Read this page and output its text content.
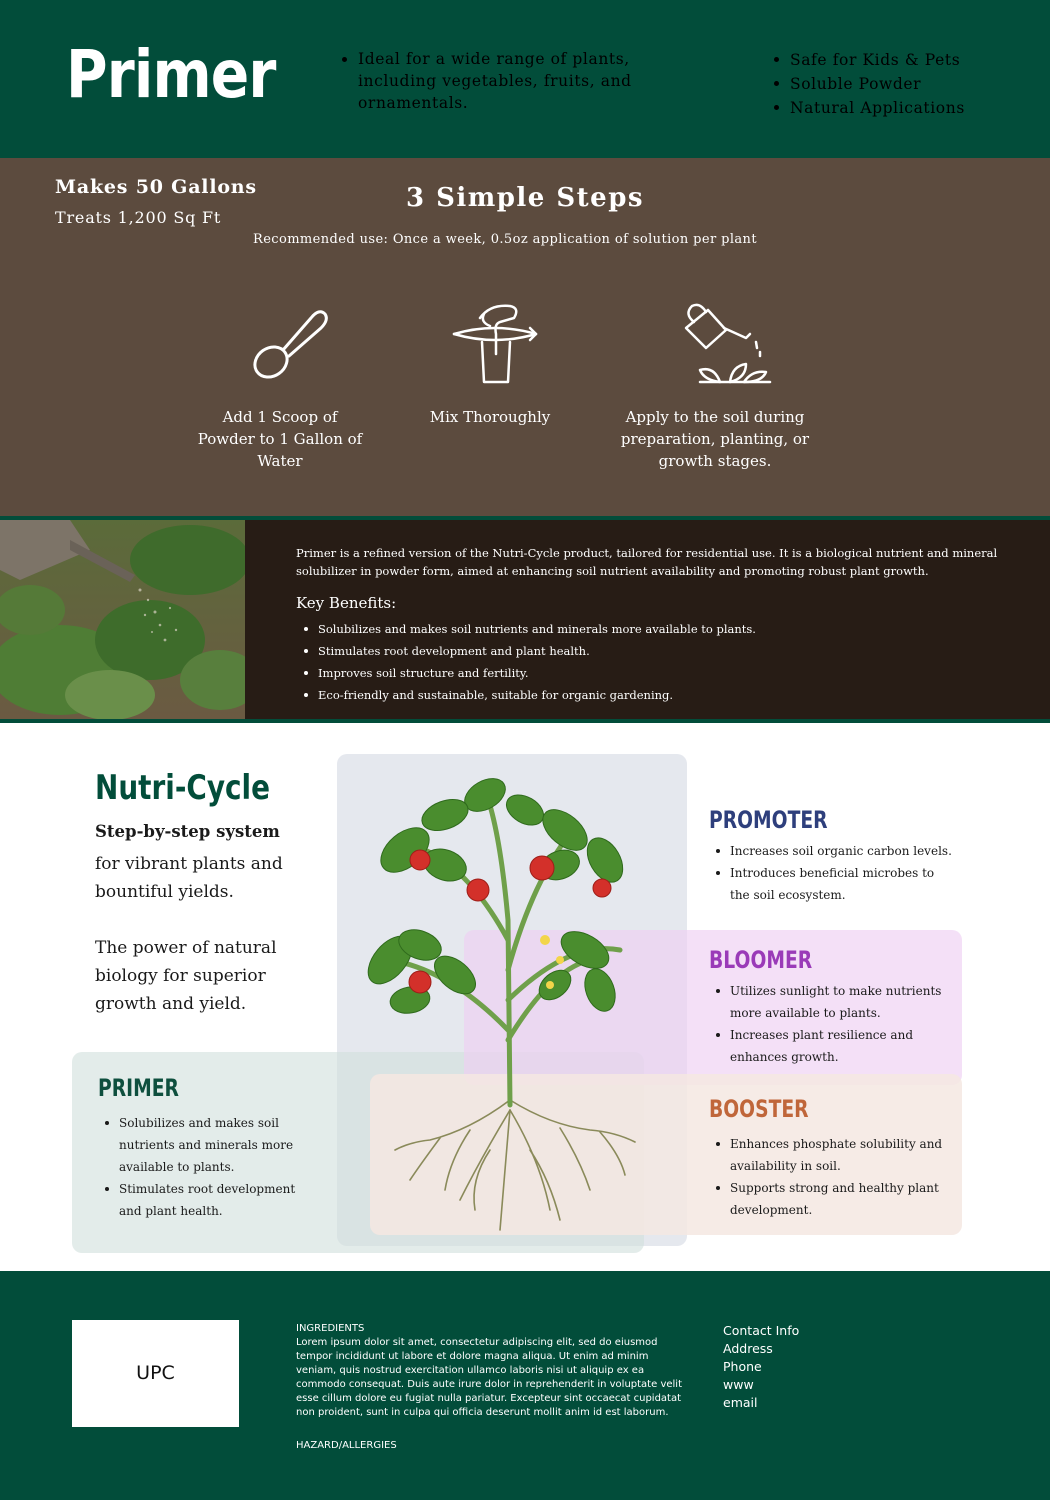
Primer	Ideal for a wide range of plants, including vegetables, fruits, and ornamentals.
Safe for Kids & Pets
Soluble Powder
Natural Applications
Makes 50 Gallons
Treats 1,200 Sq Ft
3 Simple Steps
Recommended use: Once a week, 0.5oz application of solution per plant
Add 1 Scoop of Powder to 1 Gallon of Water
Mix Thoroughly	Apply to the soil during preparation, planting, or growth stages.
Primer is a refined version of the Nutri-Cycle product, tailored for residential use. It is a biological nutrient and mineral solubilizer in powder form, aimed at enhancing soil nutrient availability and promoting robust plant growth.
Key Benefits:
Solubilizes and makes soil nutrients and minerals more available to plants.
Stimulates root development and plant health.
Improves soil structure and fertility.
Eco-friendly and sustainable, suitable for organic gardening.
Nutri-Cycle
Step-by-step system
for vibrant plants and bountiful yields.
The power of natural biology for superior growth and yield.
PROMOTER
Increases soil organic carbon levels.
Introduces beneficial microbes to the soil ecosystem.
BLOOMER
Utilizes sunlight to make nutrients more available to plants.
Increases plant resilience and enhances growth.
BOOSTER
Enhances phosphate solubility and availability in soil.
Supports strong and healthy plant development.
PRIMER
Solubilizes and makes soil nutrients and minerals more available to plants.
Stimulates root development and plant health.
UPC
INGREDIENTS
Lorem ipsum dolor sit amet, consectetur adipiscing elit, sed do eiusmod tempor incididunt ut labore et dolore magna aliqua. Ut enim ad minim veniam, quis nostrud exercitation ullamco laboris nisi ut aliquip ex ea commodo consequat. Duis aute irure dolor in reprehenderit in voluptate velit esse cillum dolore eu fugiat nulla pariatur. Excepteur sint occaecat cupidatat non proident, sunt in culpa qui officia deserunt mollit anim id est laborum.
HAZARD/ALLERGIES
Contact Info
Address
Phone
www
email
